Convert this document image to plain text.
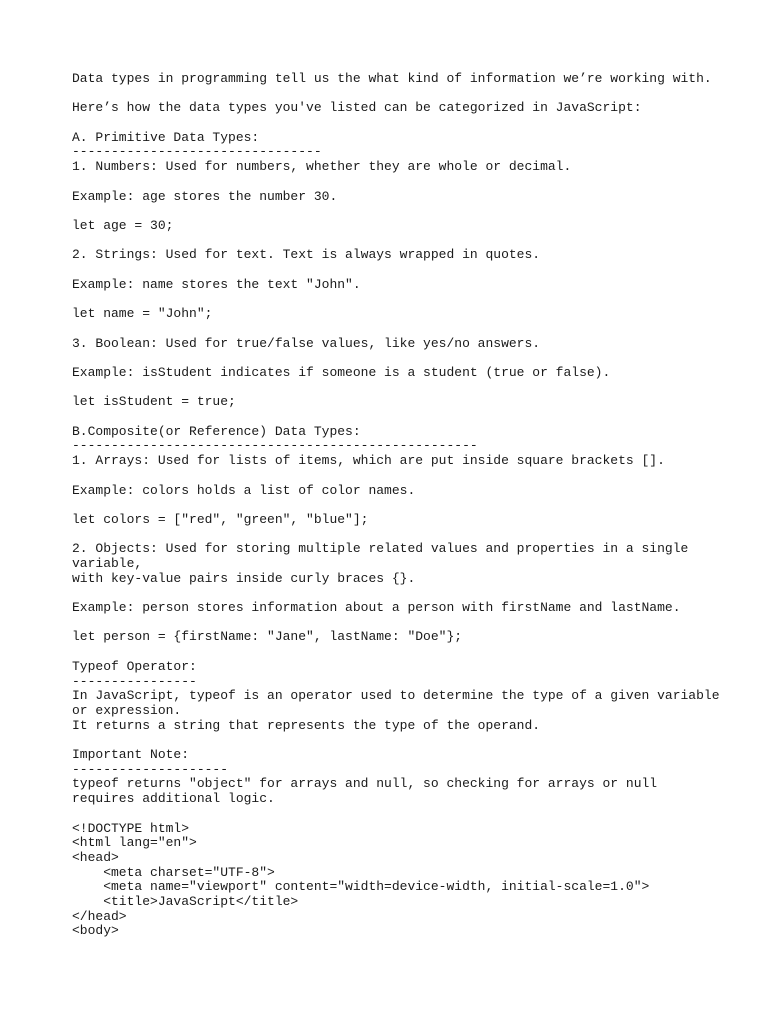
Data types in programming tell us the what kind of information we’re working with.
Here’s how the data types you've listed can be categorized in JavaScript:
A. Primitive Data Types:
--------------------------------
1. Numbers: Used for numbers, whether they are whole or decimal.
Example: age stores the number 30.
let age = 30;
2. Strings: Used for text. Text is always wrapped in quotes.
Example: name stores the text "John".
let name = "John";
3. Boolean: Used for true/false values, like yes/no answers.
Example: isStudent indicates if someone is a student (true or false).
let isStudent = true;
B.Composite(or Reference) Data Types:
----------------------------------------------------
1. Arrays: Used for lists of items, which are put inside square brackets [].
Example: colors holds a list of color names.
let colors = ["red", "green", "blue"];
2. Objects: Used for storing multiple related values and properties in a single
variable,
with key-value pairs inside curly braces {}.
Example: person stores information about a person with firstName and lastName.
let person = {firstName: "Jane", lastName: "Doe"};
Typeof Operator:
----------------
In JavaScript, typeof is an operator used to determine the type of a given variable
or expression.
It returns a string that represents the type of the operand.
Important Note:
--------------------
typeof returns "object" for arrays and null, so checking for arrays or null
requires additional logic.
<!DOCTYPE html>
<html lang="en">
<head>
<meta charset="UTF-8">
<meta name="viewport" content="width=device-width, initial-scale=1.0">
<title>JavaScript</title>
</head>
<body>
